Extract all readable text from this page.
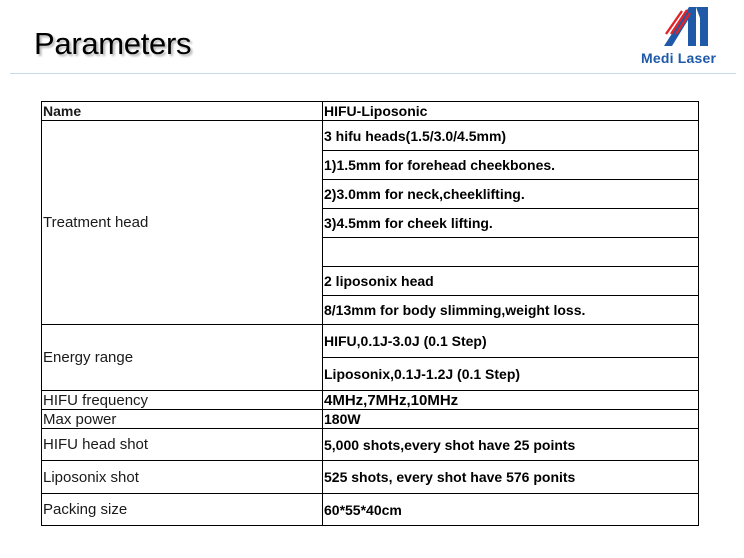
Parameters	Medi Laser
Name	HIFU-Liposonic
Treatment head	3 hifu heads(1.5/3.0/4.5mm)
	1)1.5mm for forehead cheekbones.
	2)3.0mm for neck,cheeklifting.
	3)4.5mm for cheek lifting.

	2 liposonix head
	8/13mm for body slimming,weight loss.
Energy range	HIFU,0.1J-3.0J (0.1 Step)
	Liposonix,0.1J-1.2J (0.1 Step)
HIFU frequency	4MHz,7MHz,10MHz
Max power	180W
HIFU head shot	5,000 shots,every shot have 25 points
Liposonix shot	525 shots, every shot have 576 ponits
Packing size	60*55*40cm
